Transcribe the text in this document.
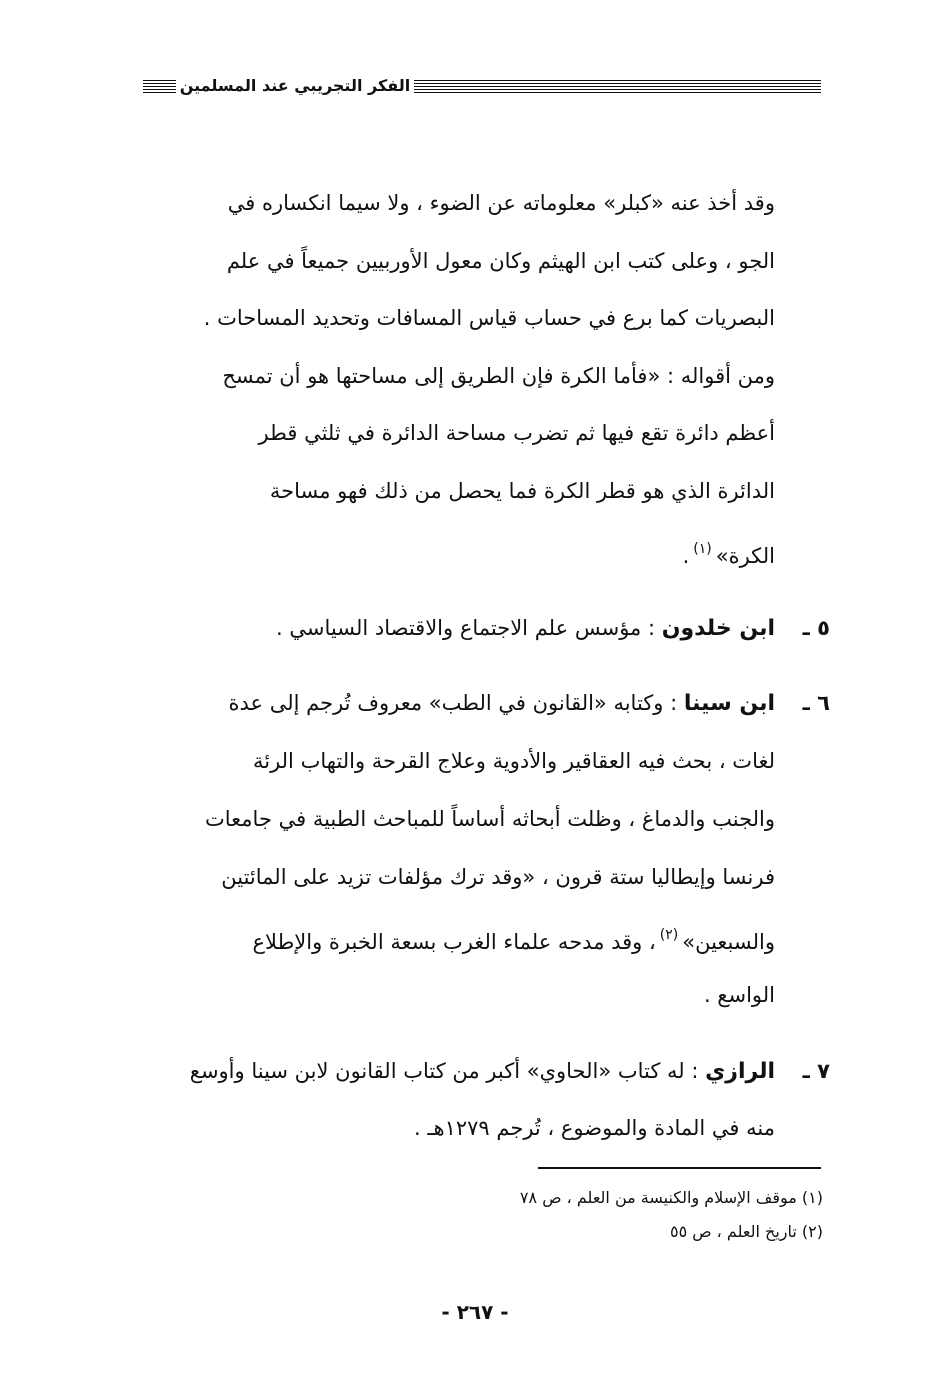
الفكر التجريبي عند المسلمين
وقد أخذ عنه «كبلر» معلوماته عن الضوء ، ولا سيما انكساره في
الجو ، وعلى كتب ابن الهيثم وكان معول الأوربيين جميعاً في علم
البصريات كما برع في حساب قياس المسافات وتحديد المساحات .
ومن أقواله : «فأما الكرة فإن الطريق إلى مساحتها هو أن تمسح
أعظم دائرة تقع فيها ثم تضرب مساحة الدائرة في ثلثي قطر
الدائرة الذي هو قطر الكرة فما يحصل من ذلك فهو مساحة
الكرة»$^{(١)}$.
٥ ـ
ابن خلدون : مؤسس علم الاجتماع والاقتصاد السياسي .
٦ ـ
ابن سينا : وكتابه «القانون في الطب» معروف تُرجم إلى عدة
لغات ، بحث فيه العقاقير والأدوية وعلاج القرحة والتهاب الرئة
والجنب والدماغ ، وظلت أبحاثه أساساً للمباحث الطبية في جامعات
فرنسا وإيطاليا ستة قرون ، «وقد ترك مؤلفات تزيد على المائتين
والسبعين»$^{(٢)}$، وقد مدحه علماء الغرب بسعة الخبرة والإطلاع
الواسع .
٧ ـ
الرازي : له كتاب «الحاوي» أكبر من كتاب القانون لابن سينا وأوسع
منه في المادة والموضوع ، تُرجم ١٢٧٩هـ .
(١) موقف الإسلام والكنيسة من العلم ، ص ٧٨
(٢) تاريخ العلم ، ص ٥٥
- ٢٦٧ -
